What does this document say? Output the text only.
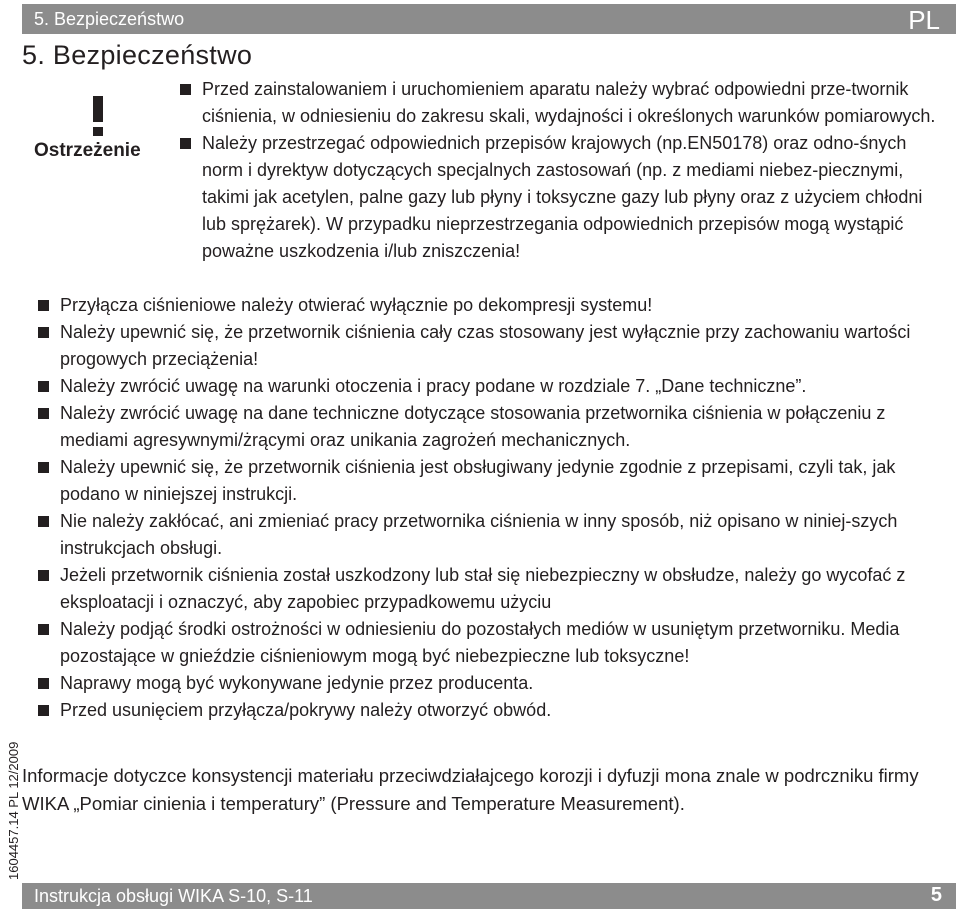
5. Bezpieczeństwo	PL
5. Bezpieczeństwo
Ostrzeżenie
Przed zainstalowaniem i uruchomieniem aparatu należy wybrać odpowiedni prze-twornik ciśnienia, w odniesieniu do zakresu skali, wydajności i określonych warunków pomiarowych.
Należy przestrzegać odpowiednich przepisów krajowych (np.EN50178) oraz odno-śnych norm i dyrektyw dotyczących specjalnych zastosowań (np. z mediami niebez-piecznymi, takimi jak acetylen, palne gazy lub płyny i toksyczne gazy lub płyny oraz z użyciem chłodni lub sprężarek). W przypadku nieprzestrzegania odpowiednich przepisów mogą wystąpić poważne uszkodzenia i/lub zniszczenia!
Przyłącza ciśnieniowe należy otwierać wyłącznie po dekompresji systemu!
Należy upewnić się, że przetwornik ciśnienia cały czas stosowany jest wyłącznie przy zachowaniu wartości progowych przeciążenia!
Należy zwrócić uwagę na warunki otoczenia i pracy podane w rozdziale 7. „Dane techniczne”.
Należy zwrócić uwagę na dane techniczne dotyczące stosowania przetwornika ciśnienia w połączeniu z mediami agresywnymi/żrącymi oraz unikania zagrożeń mechanicznych.
Należy upewnić się, że przetwornik ciśnienia jest obsługiwany jedynie zgodnie z przepisami, czyli tak, jak podano w niniejszej instrukcji.
Nie należy zakłócać, ani zmieniać pracy przetwornika ciśnienia w inny sposób, niż opisano w niniej-szych instrukcjach obsługi.
Jeżeli przetwornik ciśnienia został uszkodzony lub stał się niebezpieczny w obsłudze, należy go wycofać z eksploatacji i oznaczyć, aby zapobiec przypadkowemu użyciu
Należy podjąć środki ostrożności w odniesieniu do pozostałych mediów w usuniętym przetworniku. Media pozostające w gnieździe ciśnieniowym mogą być niebezpieczne lub toksyczne!
Naprawy mogą być wykonywane jedynie przez producenta.
Przed usunięciem przyłącza/pokrywy należy otworzyć obwód.
1604457.14 PL 12/2009 Informacje dotyczce konsystencji materiału przeciwdziałajcego korozji i dyfuzji mona znale w podrczniku firmy WIKA „Pomiar cinienia i temperatury” (Pressure and Temperature Measurement).

Instrukcja obsługi WIKA S-10, S-11	5
